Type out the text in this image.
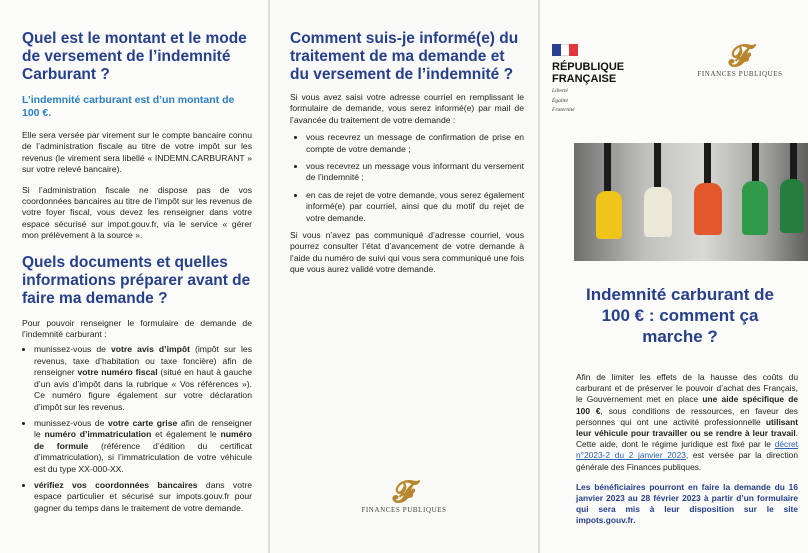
Quel est le montant et le mode de versement de l’indemnité Carburant ?
L’indemnité carburant est d’un montant de 100 €.

Elle sera versée par virement sur le compte bancaire connu de l’administration fiscale au titre de votre impôt sur les revenus (le virement sera libellé « INDEMN.CARBURANT » sur votre relevé bancaire).

Si l’administration fiscale ne dispose pas de vos coordonnées bancaires au titre de l’impôt sur les revenus de votre foyer fiscal, vous devez les renseigner dans votre espace sécurisé sur impot.gouv.fr, via le service « gérer mon prélèvement à la source ».

Quels documents et quelles informations préparer avant de faire ma demande ?

Pour pouvoir renseigner le formulaire de demande de l’indemnité carburant :

• munissez-vous de votre avis d’impôt (impôt sur les revenus, taxe d’habitation ou taxe foncière) afin de renseigner votre numéro fiscal (situé en haut à gauche d’un avis d’impôt dans la rubrique « Vos références »). Ce numéro figure également sur votre déclaration d’impôt sur les revenus.
• munissez-vous de votre carte grise afin de renseigner le numéro d’immatriculation et également le numéro de formule (référence d’édition du certificat d’immatriculation), si l’immatriculation de votre véhicule est du type XX-000-XX.
• vérifiez vos coordonnées bancaires dans votre espace particulier et sécurisé sur impots.gouv.fr pour gagner du temps dans le traitement de votre demande.
Comment suis-je informé(e) du traitement de ma demande et du versement de l’indemnité ?

Si vous avez saisi votre adresse courriel en remplissant le formulaire de demande, vous serez informé(e) par mail de l’avancée du traitement de votre demande :

• vous recevrez un message de confirmation de prise en compte de votre demande ;
• vous recevrez un message vous informant du versement de l’indemnité ;
• en cas de rejet de votre demande, vous serez également informé(e) par courriel, ainsi que du motif du rejet de votre demande.

Si vous n’avez pas communiqué d’adresse courriel, vous pourrez consulter l’état d’avancement de votre demande à l’aide du numéro de suivi qui vous sera communiqué une fois que vous aurez validé votre demande.

𝓕
FINANCES PUBLIQUES
RÉPUBLIQUE
FRANÇAISE
Liberté
Égalité
Fraternité
𝓕
FINANCES PUBLIQUES
Indemnité carburant de 100 € : comment ça marche ?

Afin de limiter les effets de la hausse des coûts du carburant et de préserver le pouvoir d’achat des Français, le Gouvernement met en place une aide spécifique de 100 €, sous conditions de ressources, en faveur des personnes qui ont une activité professionnelle utilisant leur véhicule pour travailler ou se rendre à leur travail. Cette aide, dont le régime juridique est fixé par le décret n°2023-2 du 2 janvier 2023, est versée par la direction générale des Finances publiques.

Les bénéficiaires pourront en faire la demande du 16 janvier 2023 au 28 février 2023 à partir d’un formulaire qui sera mis à leur disposition sur le site impots.gouv.fr.
